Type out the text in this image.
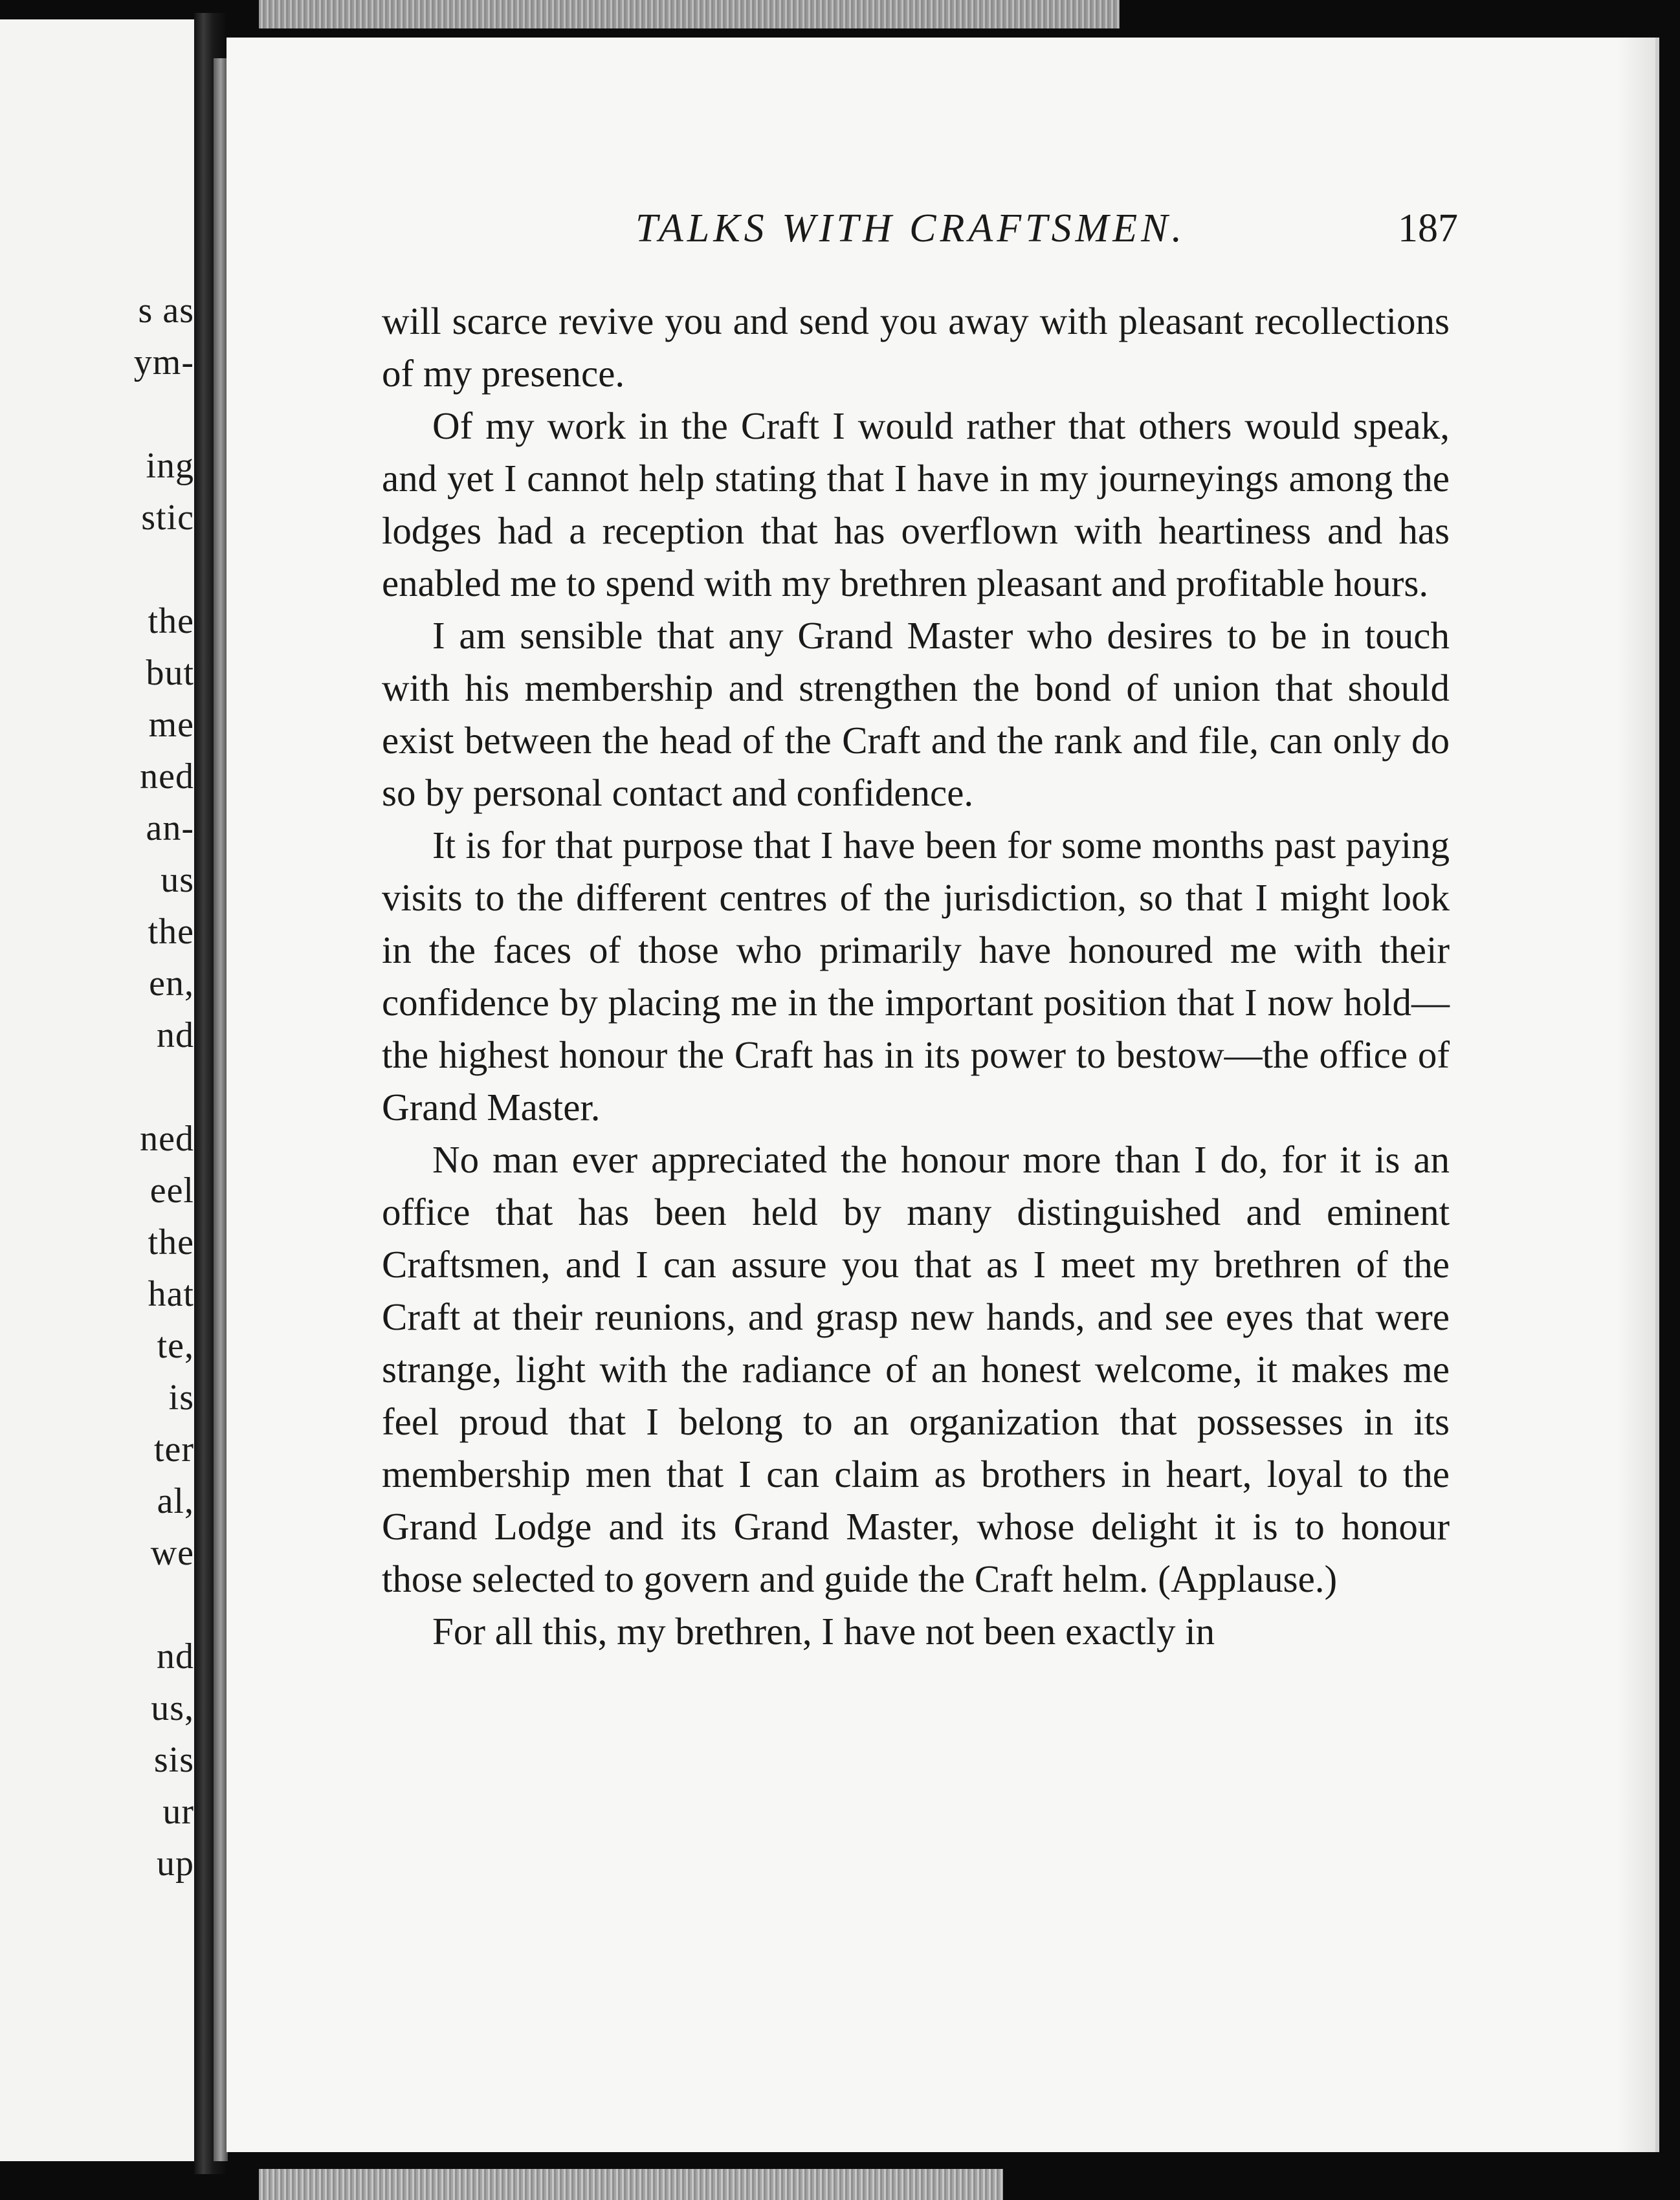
s as
ym-
ing
stic
the
but
me
ned
an-
us
the
en,
nd
ned
eel
the
hat
te,
is
ter
al,
we
nd
us,
sis
ur
up
TALKS WITH CRAFTSMEN.	187

will scarce revive you and send you away with pleasant recollections of my presence.

Of my work in the Craft I would rather that others would speak, and yet I cannot help stating that I have in my journeyings among the lodges had a reception that has overflown with heartiness and has enabled me to spend with my brethren pleasant and profitable hours.

I am sensible that any Grand Master who desires to be in touch with his membership and strengthen the bond of union that should exist between the head of the Craft and the rank and file, can only do so by personal contact and confidence.

It is for that purpose that I have been for some months past paying visits to the different centres of the jurisdiction, so that I might look in the faces of those who primarily have honoured me with their confidence by placing me in the important position that I now hold—the highest honour the Craft has in its power to bestow—the office of Grand Master.

No man ever appreciated the honour more than I do, for it is an office that has been held by many distinguished and eminent Craftsmen, and I can assure you that as I meet my brethren of the Craft at their reunions, and grasp new hands, and see eyes that were strange, light with the radiance of an honest welcome, it makes me feel proud that I belong to an organization that possesses in its membership men that I can claim as brothers in heart, loyal to the Grand Lodge and its Grand Master, whose delight it is to honour those selected to govern and guide the Craft helm. (Applause.)

For all this, my brethren, I have not been exactly in
